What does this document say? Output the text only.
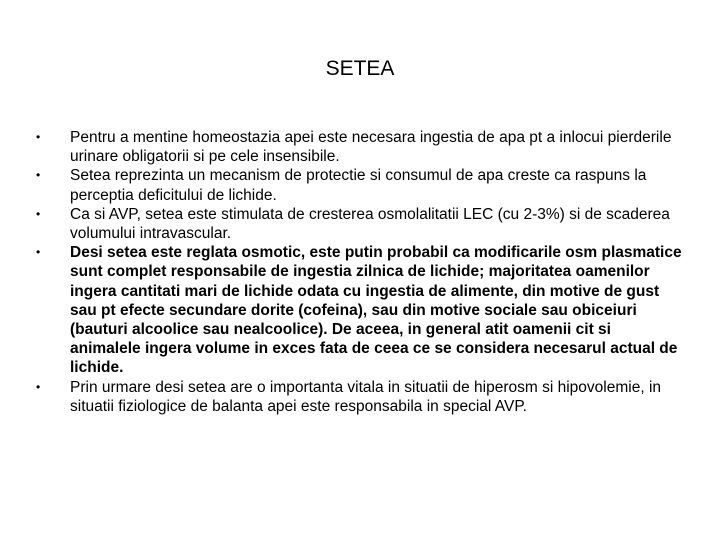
SETEA
•	Pentru a mentine homeostazia apei este necesara ingestia de apa pt a inlocui pierderile urinare obligatorii si pe cele insensibile.
•	Setea reprezinta un mecanism de protectie si consumul de apa creste ca raspuns la perceptia deficitului de lichide.
•	Ca si AVP, setea este stimulata de cresterea osmolalitatii LEC (cu 2-3%) si de scaderea volumului intravascular.
•	Desi setea este reglata osmotic, este putin probabil ca modificarile osm plasmatice sunt complet responsabile de ingestia zilnica de lichide; majoritatea oamenilor ingera cantitati mari de lichide odata cu ingestia de alimente, din motive de gust sau pt efecte secundare dorite (cofeina), sau din motive sociale sau obiceiuri (bauturi alcoolice sau nealcoolice). De aceea, in general atit oamenii cit si animalele ingera volume in exces fata de ceea ce se considera necesarul actual de lichide.
•	Prin urmare desi setea are o importanta vitala in situatii de hiperosm si hipovolemie, in situatii fiziologice de balanta apei este responsabila in special AVP.
